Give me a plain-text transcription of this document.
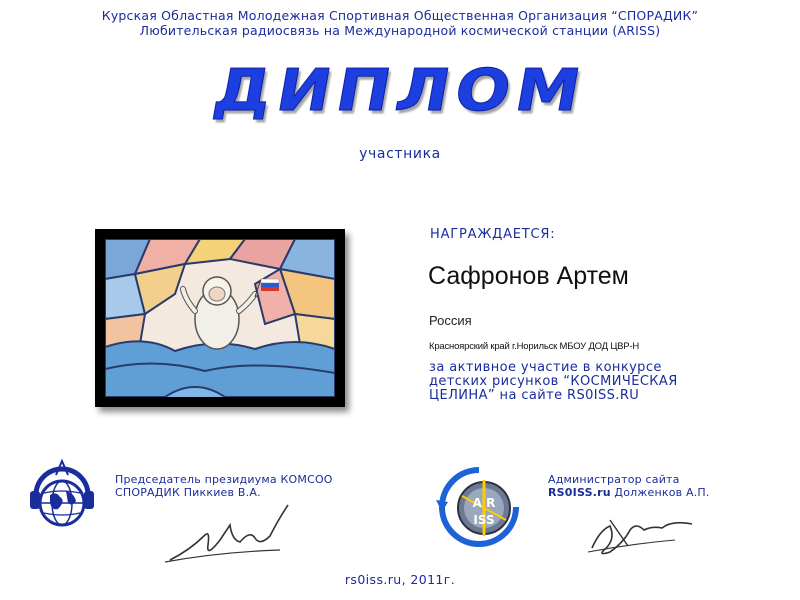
Курская Областная Молодежная Спортивная Общественная Организация “СПОРАДИК”
Любительская радиосвязь на Международной космической станции (ARISS)
ДИПЛОМ
участника
НАГРАЖДАЕТСЯ:
Сафронов Артем
Россия
Красноярский край г.Норильск МБОУ ДОД ЦВР-Н
за активное участие в конкурсе
детских рисунков “КОСМИЧЕСКАЯ
ЦЕЛИНА” на сайте RS0ISS.RU
Председатель президиума КОМСОО
СПОРАДИК Пиккиев В.А.
A R
ISS
Администратор сайта
RS0ISS.ru Долженков А.П.
rs0iss.ru, 2011г.
